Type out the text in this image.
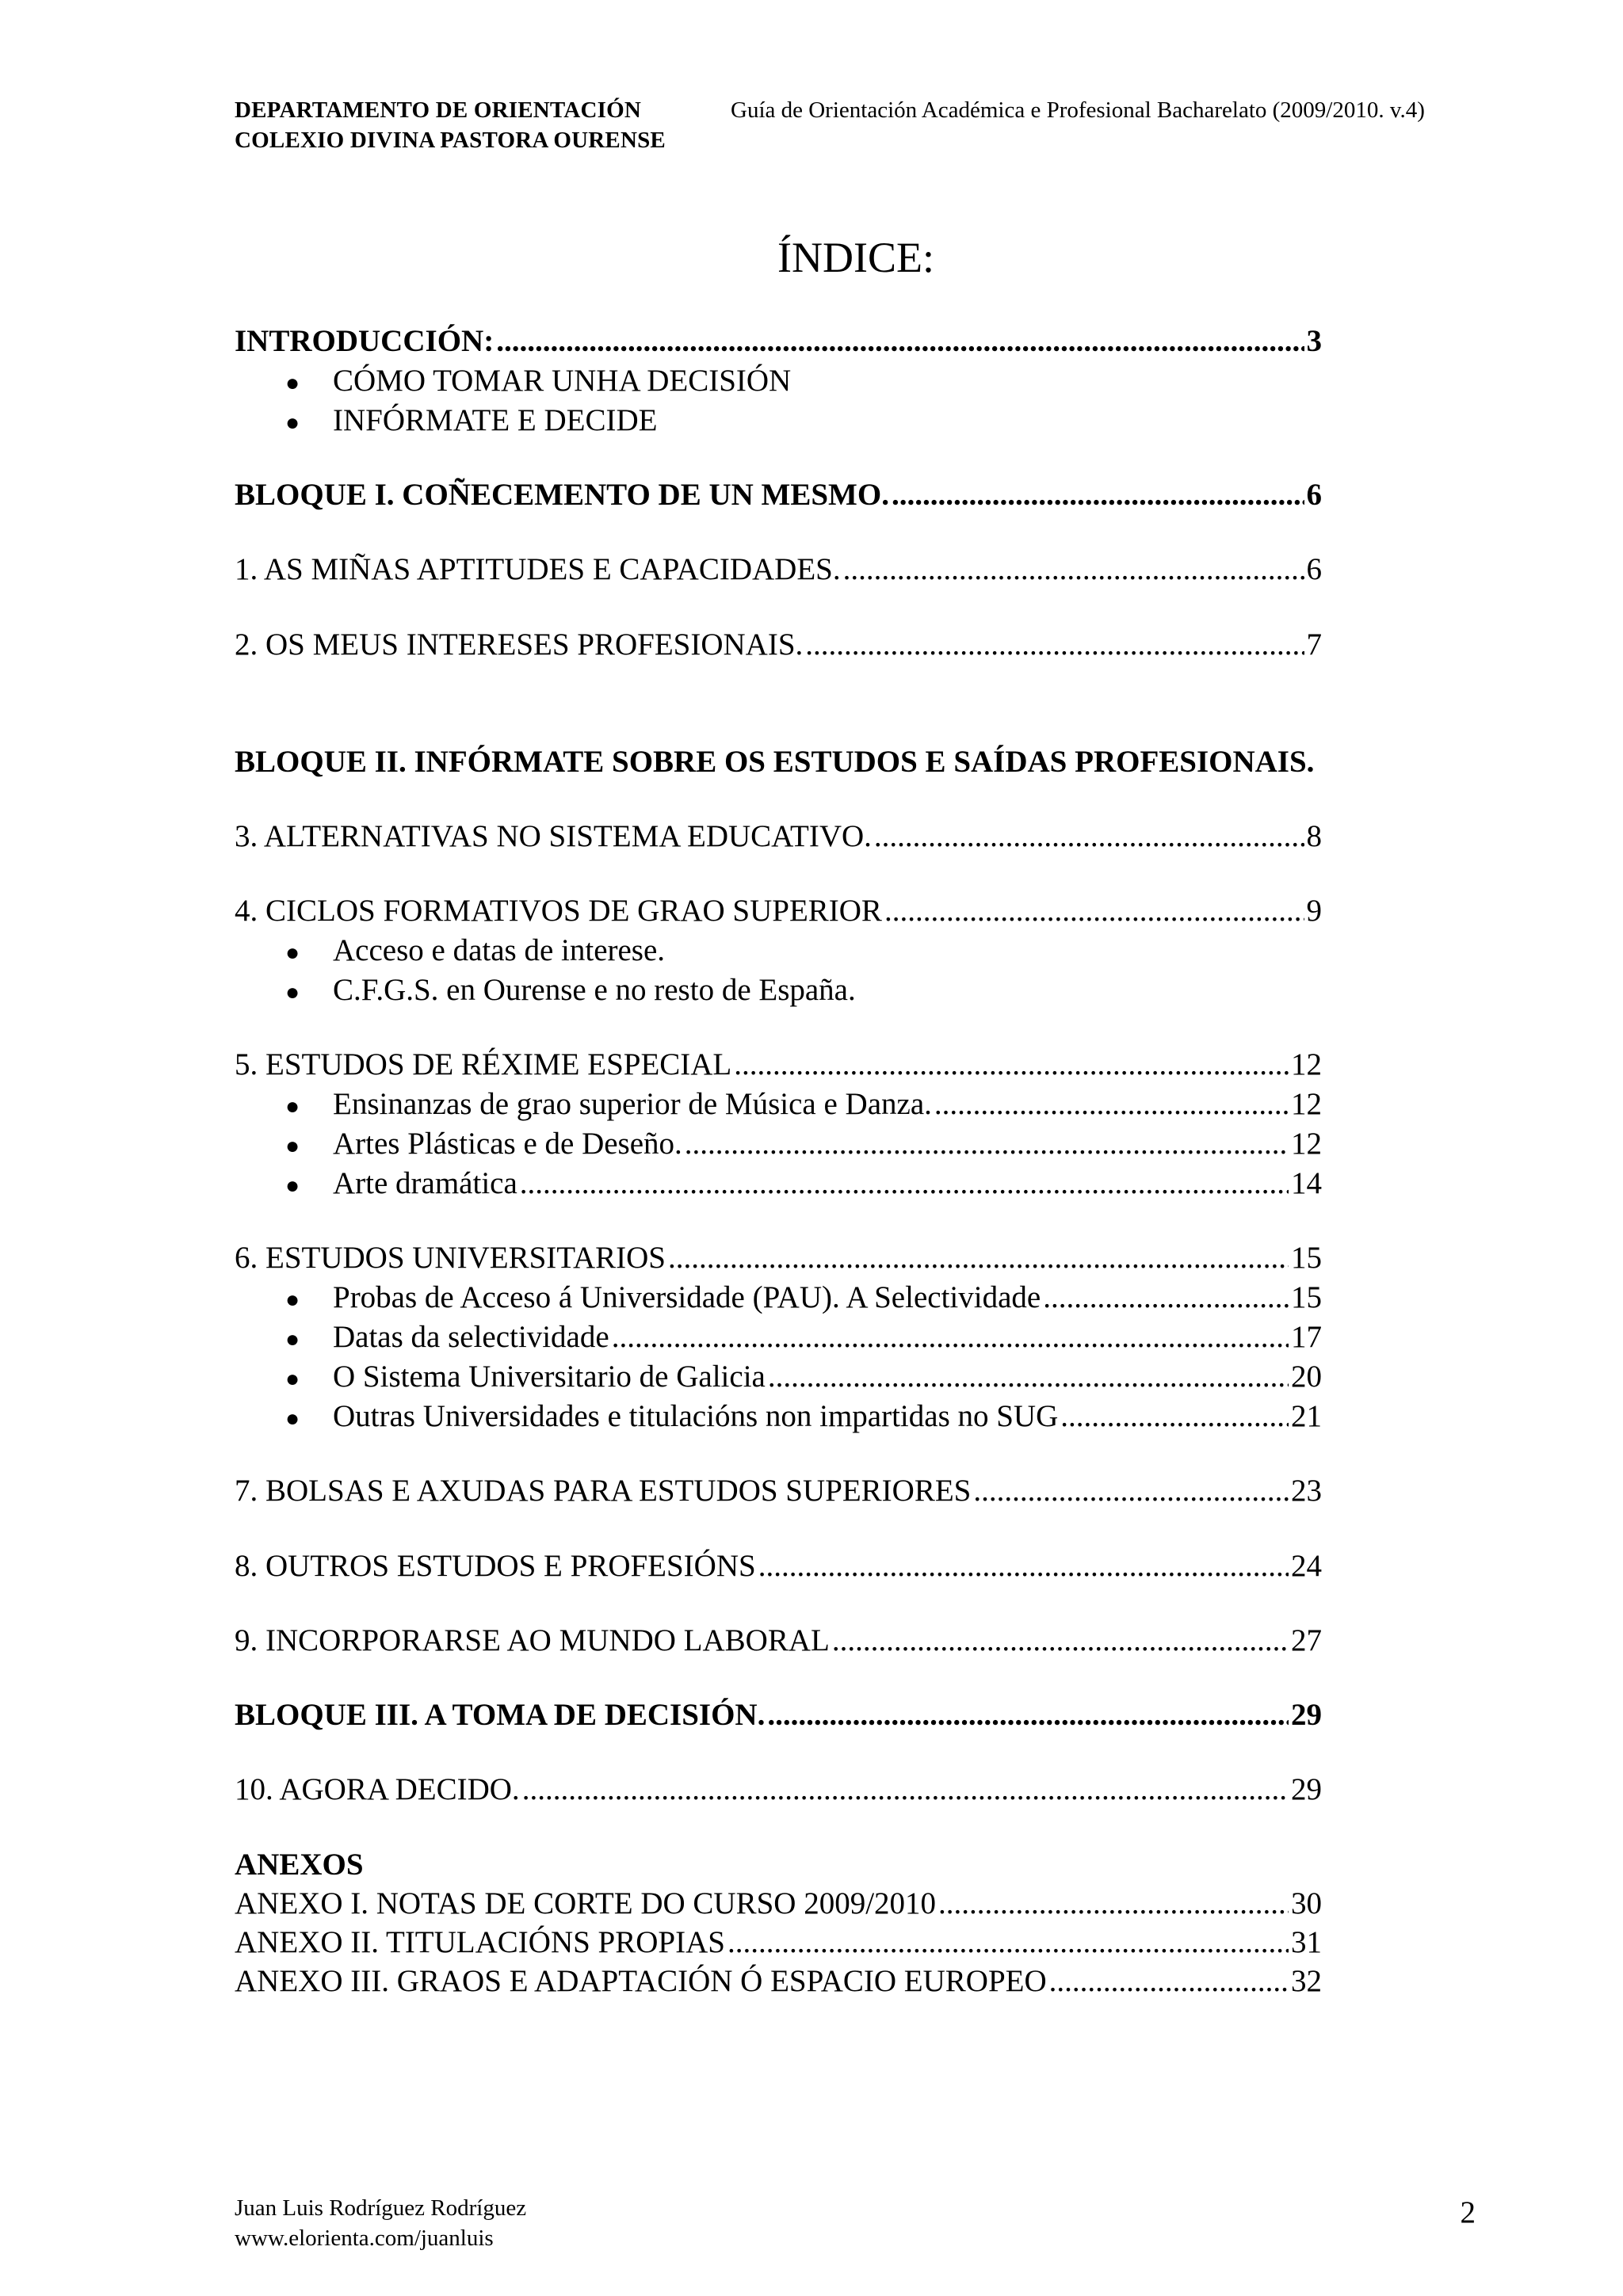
DEPARTAMENTO DE ORIENTACIÓN
COLEXIO DIVINA PASTORA OURENSE
Guía de Orientación Académica e Profesional Bacharelato (2009/2010. v.4)
ÍNDICE:
INTRODUCCIÓN: .....	3
●	CÓMO TOMAR UNHA DECISIÓN
●	INFÓRMATE E DECIDE
BLOQUE I. COÑECEMENTO DE UN MESMO. .....	6
1. AS MIÑAS APTITUDES E CAPACIDADES. .....	6
2. OS MEUS INTERESES PROFESIONAIS. .....	7
BLOQUE II. INFÓRMATE SOBRE OS ESTUDOS E SAÍDAS PROFESIONAIS.
3. ALTERNATIVAS NO SISTEMA EDUCATIVO. .....	8
4. CICLOS FORMATIVOS DE GRAO SUPERIOR .....	9
●	Acceso e datas de interese.
●	C.F.G.S. en Ourense e no resto de España.
5. ESTUDOS DE RÉXIME ESPECIAL .....	12
●	Ensinanzas de grao superior de Música e Danza. .....	12
●	Artes Plásticas e de Deseño. .....	12
●	Arte dramática .....	14
6. ESTUDOS UNIVERSITARIOS .....	15
●	Probas de Acceso á Universidade (PAU). A Selectividade .....	15
●	Datas da selectividade .....	17
●	O Sistema Universitario de Galicia .....	20
●	Outras Universidades e titulacións non impartidas no SUG .....	21
7. BOLSAS E AXUDAS PARA ESTUDOS SUPERIORES .....	23
8. OUTROS ESTUDOS E PROFESIÓNS .....	24
9. INCORPORARSE AO MUNDO LABORAL .....	27
BLOQUE III. A TOMA DE DECISIÓN. .....	29
10. AGORA DECIDO. .....	29
ANEXOS
ANEXO I. NOTAS DE CORTE DO CURSO 2009/2010 .....	30
ANEXO II. TITULACIÓNS PROPIAS .....	31
ANEXO III. GRAOS E ADAPTACIÓN Ó ESPACIO EUROPEO .....	32
Juan Luis Rodríguez Rodríguez
www.elorienta.com/juanluis
2
